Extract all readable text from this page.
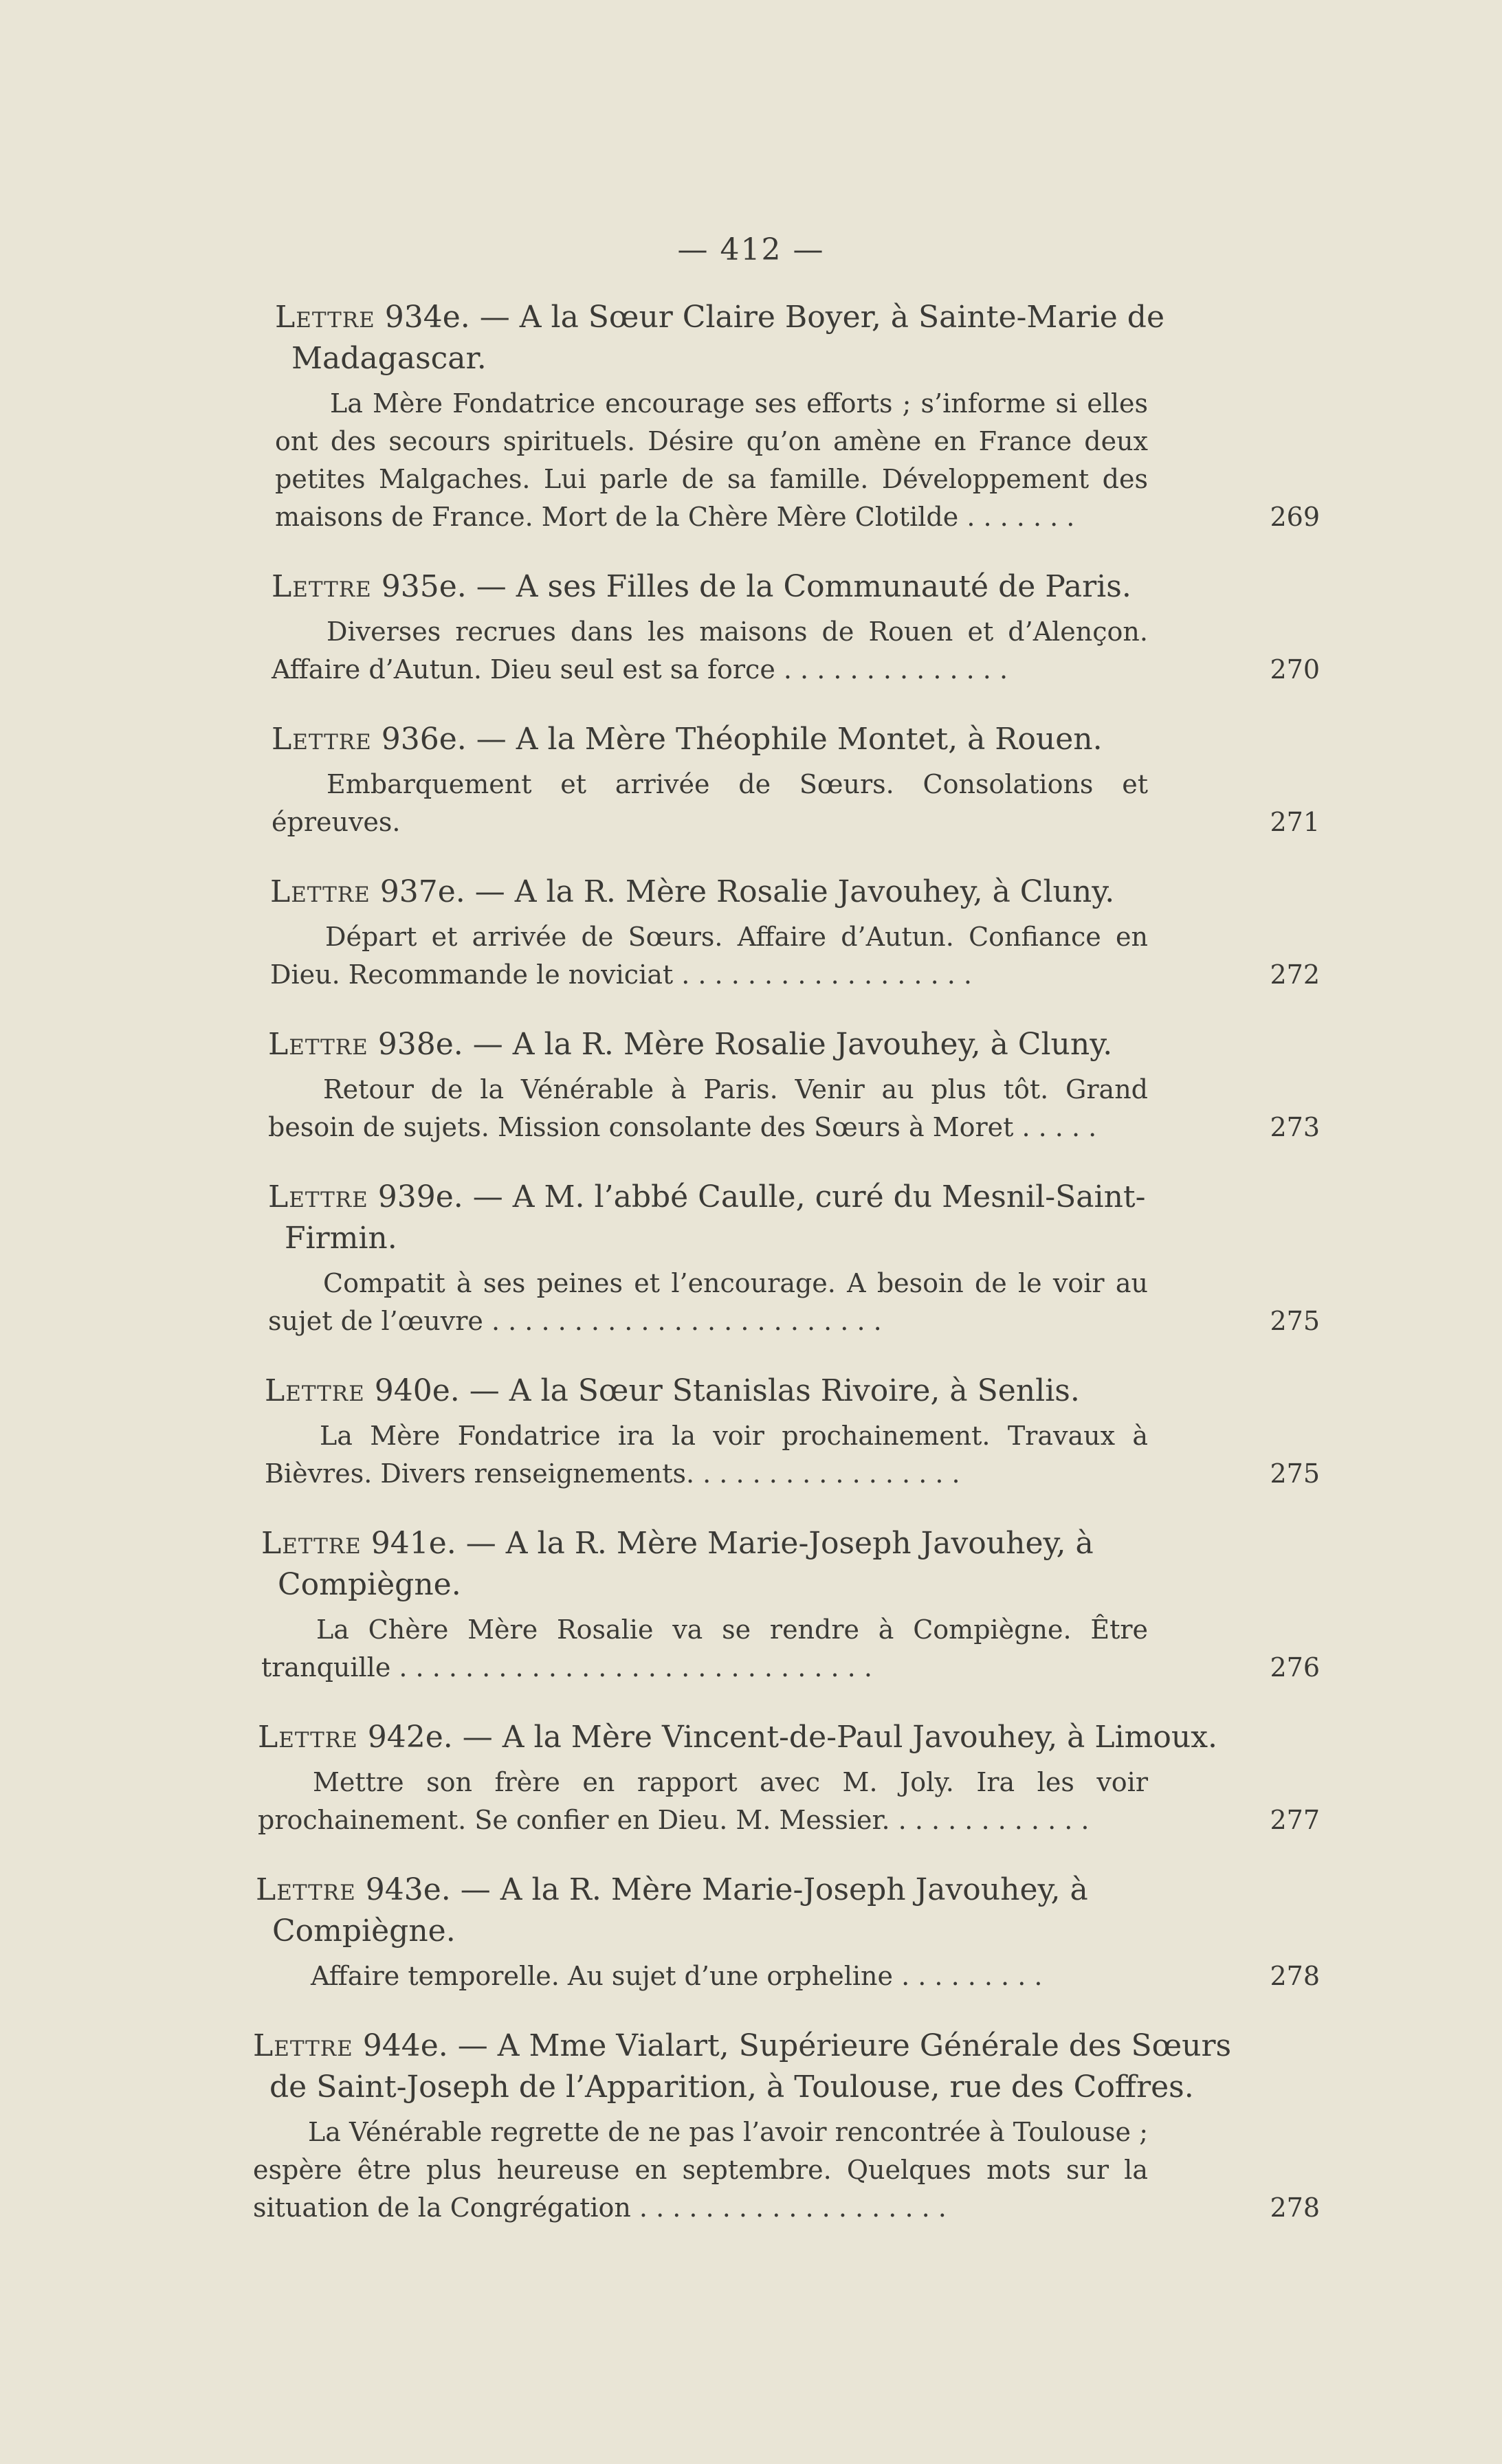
— 412 —
Lettre 934e. — A la Sœur Claire Boyer, à Sainte-Marie de Madagascar.
La Mère Fondatrice encourage ses efforts ; s’informe si elles ont des secours spirituels. Désire qu’on amène en France deux petites Malgaches. Lui parle de sa famille. Développement des maisons de France. Mort de la Chère Mère Clotilde . . . . . . .	269
Lettre 935e. — A ses Filles de la Communauté de Paris.
Diverses recrues dans les maisons de Rouen et d’Alençon. Affaire d’Autun. Dieu seul est sa force . . . . . . . . . . . . . .	270
Lettre 936e. — A la Mère Théophile Montet, à Rouen.
Embarquement et arrivée de Sœurs. Consolations et épreuves.	271
Lettre 937e. — A la R. Mère Rosalie Javouhey, à Cluny.
Départ et arrivée de Sœurs. Affaire d’Autun. Confiance en Dieu. Recommande le noviciat . . . . . . . . . . . . . . . . . .	272
Lettre 938e. — A la R. Mère Rosalie Javouhey, à Cluny.
Retour de la Vénérable à Paris. Venir au plus tôt. Grand besoin de sujets. Mission consolante des Sœurs à Moret . . . . .	273
Lettre 939e. — A M. l’abbé Caulle, curé du Mesnil-Saint-Firmin.
Compatit à ses peines et l’encourage. A besoin de le voir au sujet de l’œuvre . . . . . . . . . . . . . . . . . . . . . . . .	275
Lettre 940e. — A la Sœur Stanislas Rivoire, à Senlis.
La Mère Fondatrice ira la voir prochainement. Travaux à Bièvres. Divers renseignements. . . . . . . . . . . . . . . . .	275
Lettre 941e. — A la R. Mère Marie-Joseph Javouhey, à Compiègne.
La Chère Mère Rosalie va se rendre à Compiègne. Être tranquille . . . . . . . . . . . . . . . . . . . . . . . . . . . . .	276
Lettre 942e. — A la Mère Vincent-de-Paul Javouhey, à Limoux.
Mettre son frère en rapport avec M. Joly. Ira les voir prochainement. Se confier en Dieu. M. Messier. . . . . . . . . . . . .	277
Lettre 943e. — A la R. Mère Marie-Joseph Javouhey, à Compiègne.
Affaire temporelle. Au sujet d’une orpheline . . . . . . . . .	278
Lettre 944e. — A Mme Vialart, Supérieure Générale des Sœurs de Saint-Joseph de l’Apparition, à Toulouse, rue des Coffres.
La Vénérable regrette de ne pas l’avoir rencontrée à Toulouse ; espère être plus heureuse en septembre. Quelques mots sur la situation de la Congrégation . . . . . . . . . . . . . . . . . . .	278
